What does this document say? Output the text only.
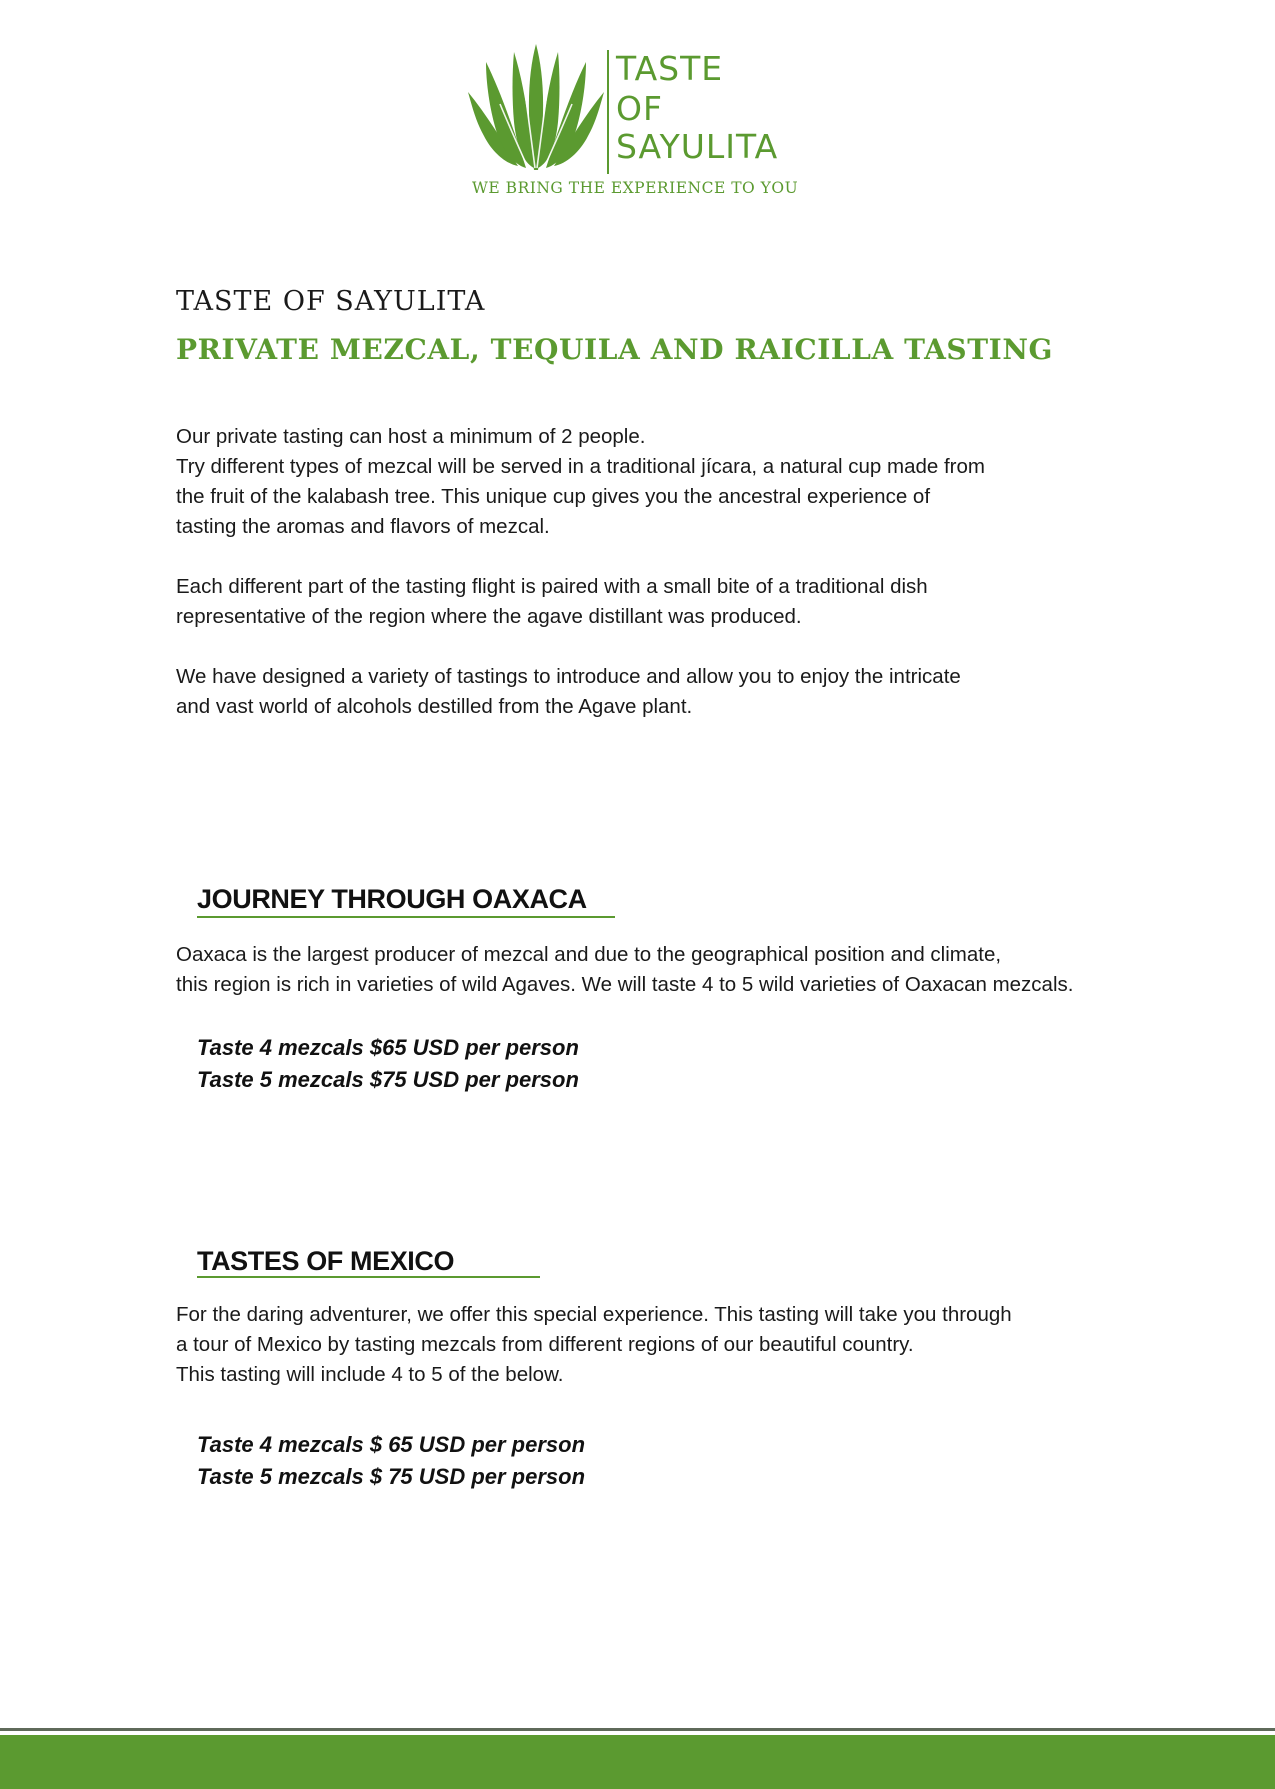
TASTE
OF
SAYULITA
WE BRING THE EXPERIENCE TO YOU
TASTE OF SAYULITA
PRIVATE MEZCAL, TEQUILA AND RAICILLA TASTING

Our private tasting can host a minimum of 2 people.
Try different types of mezcal will be served in a traditional jícara, a natural cup made from
the fruit of the kalabash tree. This unique cup gives you the ancestral experience of
tasting the aromas and flavors of mezcal.

Each different part of the tasting flight is paired with a small bite of a traditional dish
representative of the region where the agave distillant was produced.

We have designed a variety of tastings to introduce and allow you to enjoy the intricate
and vast world of alcohols destilled from the Agave plant.

JOURNEY THROUGH OAXACA
Oaxaca is the largest producer of mezcal and due to the geographical position and climate,
this region is rich in varieties of wild Agaves. We will taste 4 to 5 wild varieties of Oaxacan mezcals.
Taste 4 mezcals $65 USD per person
Taste 5 mezcals $75 USD per person
TASTES OF MEXICO
For the daring adventurer, we offer this special experience. This tasting will take you through
a tour of Mexico by tasting mezcals from different regions of our beautiful country.
This tasting will include 4 to 5 of the below.
Taste 4 mezcals $ 65 USD per person
Taste 5 mezcals $ 75 USD per person
